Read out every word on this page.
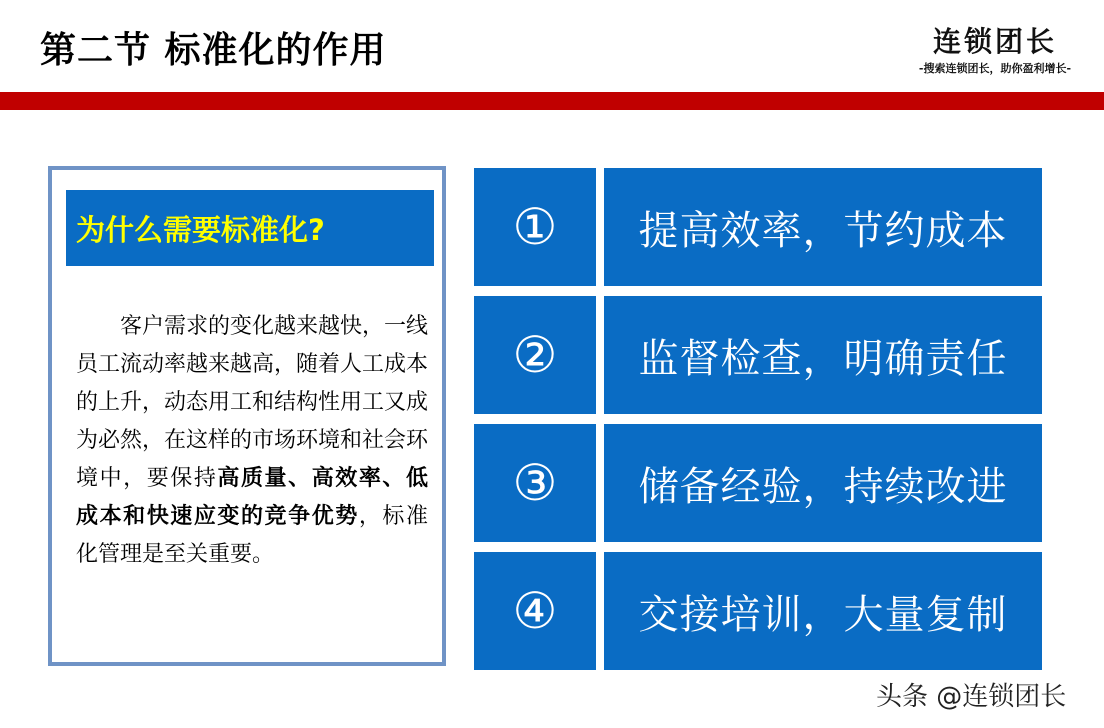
第二节 标准化的作用	连锁团长
-搜索连锁团长，助你盈利增长-
为什么需要标准化?
客户需求的变化越来越快，一线员工流动率越来越高，随着人工成本的上升，动态用工和结构性用工又成为必然，在这样的市场环境和社会环境中，要保持高质量、高效率、低成本和快速应变的竞争优势，标准化管理是至关重要。
①	提高效率，节约成本
②	监督检查，明确责任
③	储备经验，持续改进
④	交接培训，大量复制
头条 @连锁团长
